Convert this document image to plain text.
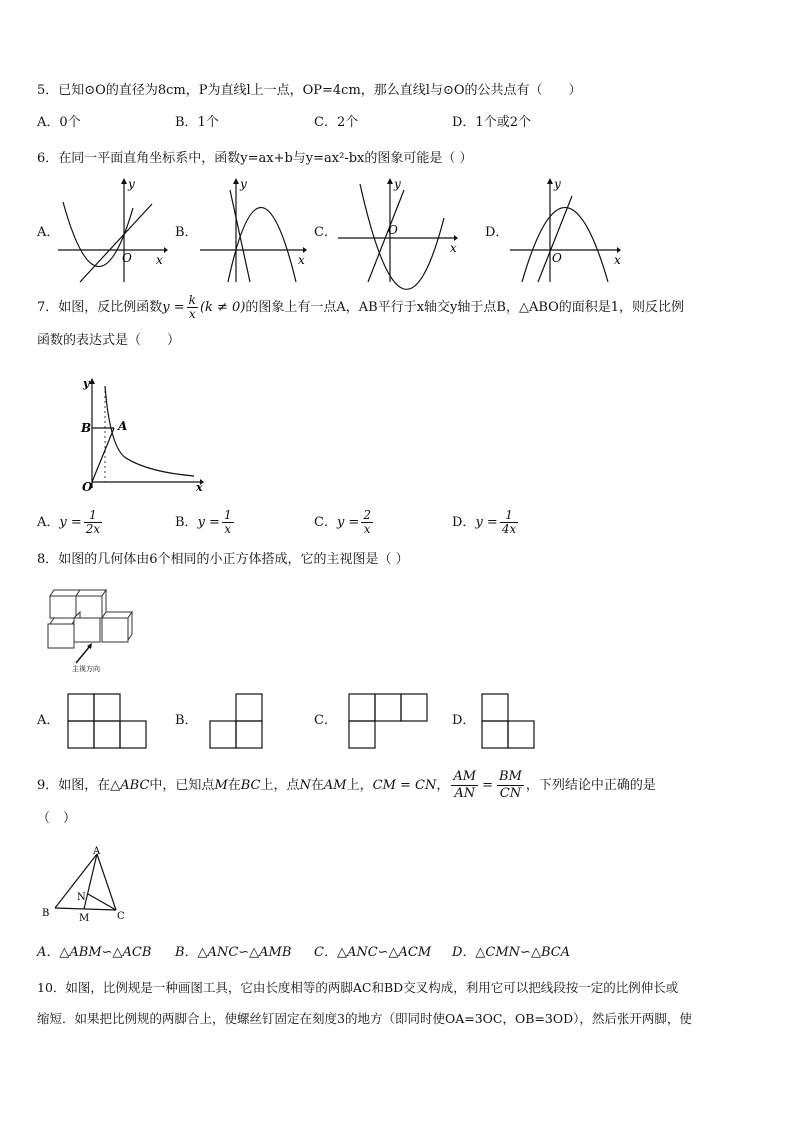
5．已知⊙O的直径为8cm，P为直线l上一点，OP=4cm，那么直线l与⊙O的公共点有（　　）
A．0个	B．1个	C．2个	D．1个或2个
6．在同一平面直角坐标系中，函数y=ax+b与y=ax²-bx的图象可能是（ ）
A．	B．	C．	D．
y
x
O
y
x
y
x
O
y
x
O
7．如图，反比例函数$y = \frac{k}{x} (k \ne 0)$的图象上有一点A，AB平行于x轴交y轴于点B，△ABO的面积是1，则反比例
函数的表达式是（　　）
y
x
B A
O
A．$y = \frac{1}{2x}$	B．$y = \frac{1}{x}$	C．$y = \frac{2}{x}$	D．$y = \frac{1}{4x}$
8．如图的几何体由6个相同的小正方体搭成，它的主视图是（ ）
主视方向
A．	B．	C．	D．
9．如图，在△ABC中，已知点M在BC上，点N在AM上，CM = CN， $\frac{AM}{AN} = \frac{BM}{CN}$ ，下列结论中正确的是
（　）
A
B	C
N
M
A．△ABM∽△ACB B．△ANC∽△AMB C．△ANC∽△ACM D．△CMN∽△BCA
10．如图，比例规是一种画图工具，它由长度相等的两脚AC和BD交叉构成，利用它可以把线段按一定的比例伸长或
缩短．如果把比例规的两脚合上，使螺丝钉固定在刻度3的地方（即同时使OA=3OC，OB=3OD），然后张开两脚，使
